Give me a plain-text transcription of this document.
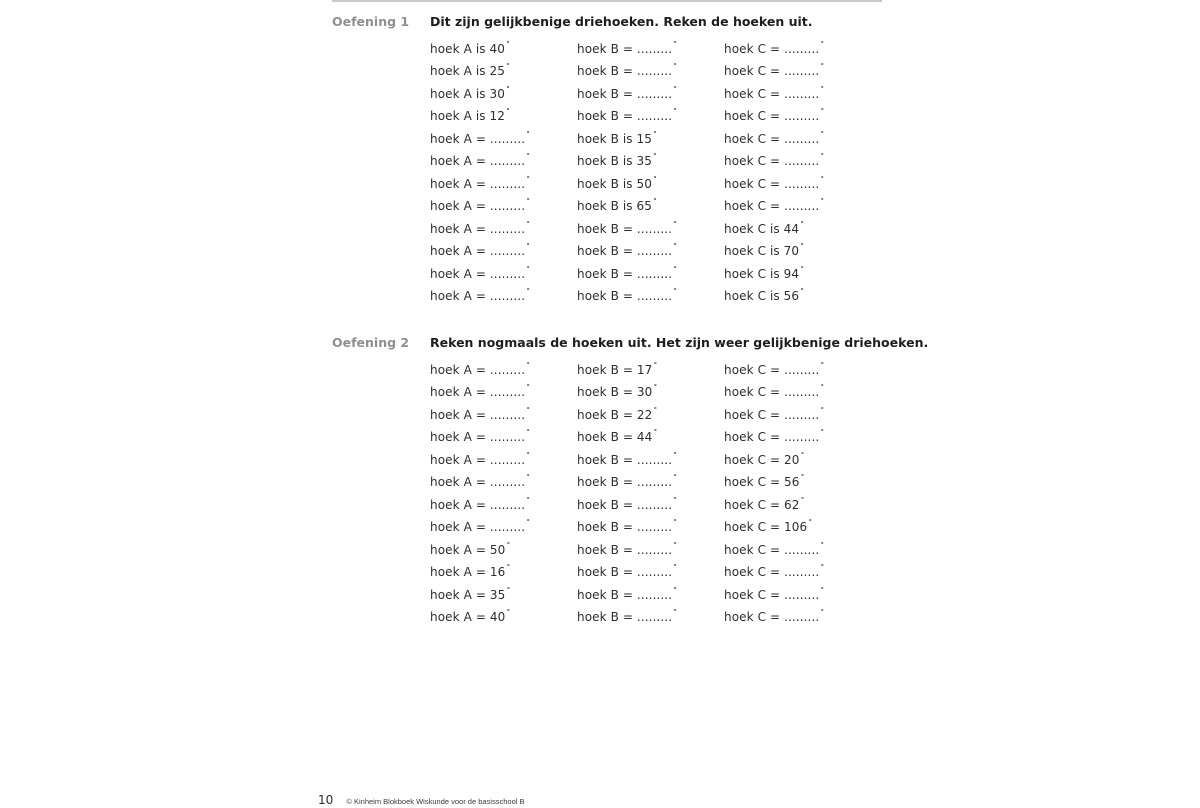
Oefening 1 Dit zijn gelijkbenige driehoeken. Reken de hoeken uit.
hoek A is 40˚	hoek B = .........˚	hoek C = .........˚
hoek A is 25˚	hoek B = .........˚	hoek C = .........˚
hoek A is 30˚	hoek B = .........˚	hoek C = .........˚
hoek A is 12˚	hoek B = .........˚	hoek C = .........˚
hoek A = .........˚	hoek B is 15˚	hoek C = .........˚
hoek A = .........˚	hoek B is 35˚	hoek C = .........˚
hoek A = .........˚	hoek B is 50˚	hoek C = .........˚
hoek A = .........˚	hoek B is 65˚	hoek C = .........˚
hoek A = .........˚	hoek B = .........˚	hoek C is 44˚
hoek A = .........˚	hoek B = .........˚	hoek C is 70˚
hoek A = .........˚	hoek B = .........˚	hoek C is 94˚
hoek A = .........˚	hoek B = .........˚	hoek C is 56˚
Oefening 2 Reken nogmaals de hoeken uit. Het zijn weer gelijkbenige driehoeken.
hoek A = .........˚	hoek B = 17˚	hoek C = .........˚
hoek A = .........˚	hoek B = 30˚	hoek C = .........˚
hoek A = .........˚	hoek B = 22˚	hoek C = .........˚
hoek A = .........˚	hoek B = 44˚	hoek C = .........˚
hoek A = .........˚	hoek B = .........˚	hoek C = 20˚
hoek A = .........˚	hoek B = .........˚	hoek C = 56˚
hoek A = .........˚	hoek B = .........˚	hoek C = 62˚
hoek A = .........˚	hoek B = .........˚	hoek C = 106˚
hoek A = 50˚	hoek B = .........˚	hoek C = .........˚
hoek A = 16˚	hoek B = .........˚	hoek C = .........˚
hoek A = 35˚	hoek B = .........˚	hoek C = .........˚
hoek A = 40˚	hoek B = .........˚	hoek C = .........˚
10 © Kinheim Blokboek Wiskunde voor de basisschool B
